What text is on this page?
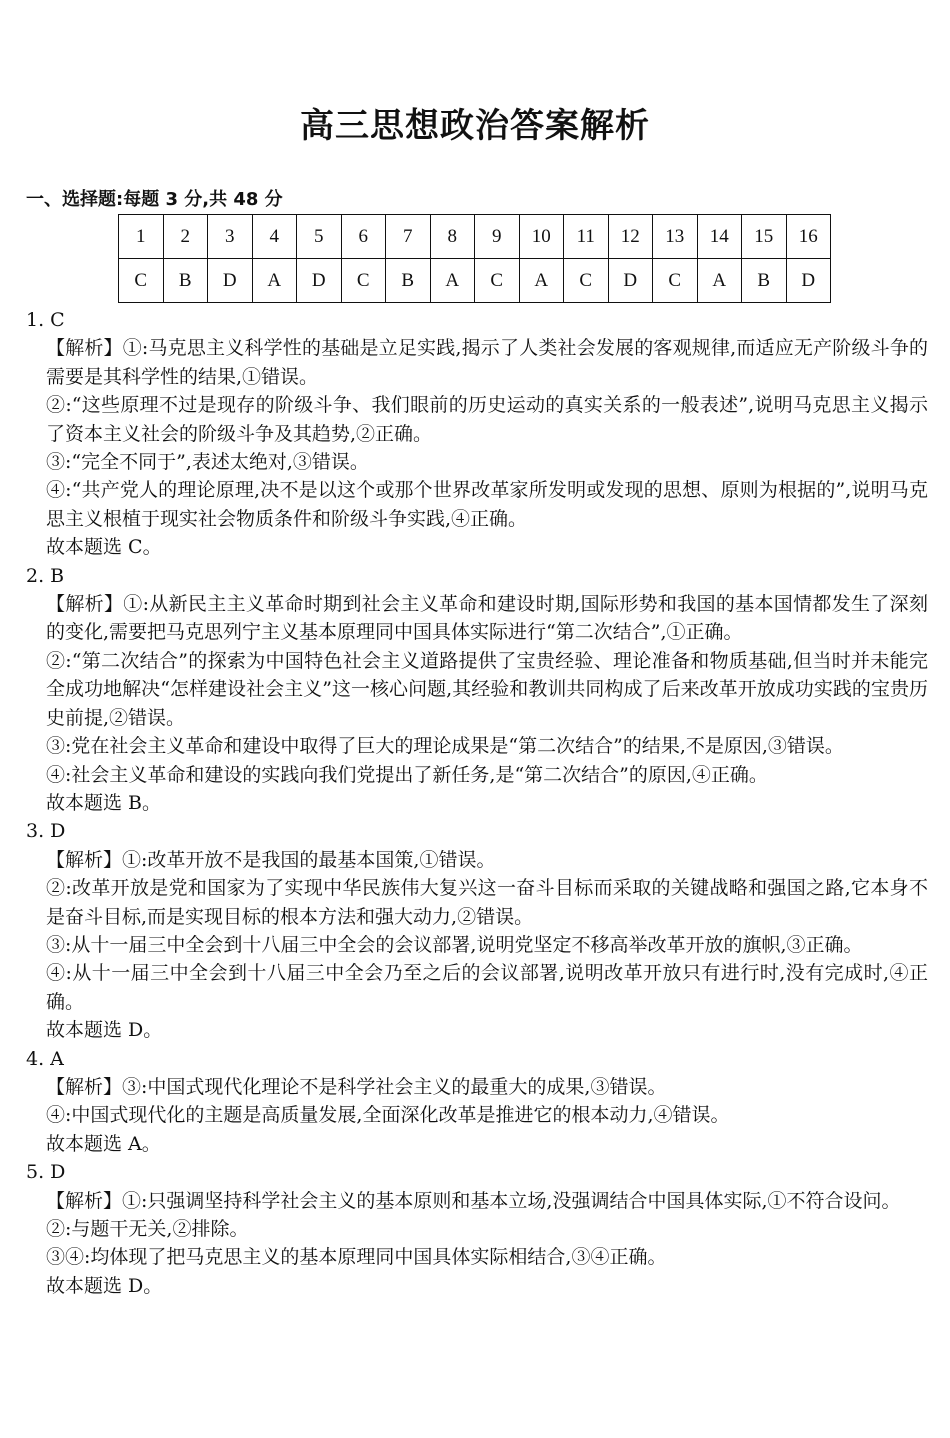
高三思想政治答案解析
一、选择题:每题 3 分,共 48 分
1	2	3	4	5	6	7	8	9	10	11	12	13	14	15	16
C	B	D	A	D	C	B	A	C	A	C	D	C	A	B	D

1. C

【解析】①:马克思主义科学性的基础是立足实践,揭示了人类社会发展的客观规律,而适应无产阶级斗争的需要是其科学性的结果,①错误。

②:“这些原理不过是现存的阶级斗争、我们眼前的历史运动的真实关系的一般表述”,说明马克思主义揭示了资本主义社会的阶级斗争及其趋势,②正确。

③:“完全不同于”,表述太绝对,③错误。

④:“共产党人的理论原理,决不是以这个或那个世界改革家所发明或发现的思想、原则为根据的”,说明马克思主义根植于现实社会物质条件和阶级斗争实践,④正确。

故本题选 C。

2. B

【解析】①:从新民主主义革命时期到社会主义革命和建设时期,国际形势和我国的基本国情都发生了深刻的变化,需要把马克思列宁主义基本原理同中国具体实际进行“第二次结合”,①正确。

②:“第二次结合”的探索为中国特色社会主义道路提供了宝贵经验、理论准备和物质基础,但当时并未能完全成功地解决“怎样建设社会主义”这一核心问题,其经验和教训共同构成了后来改革开放成功实践的宝贵历史前提,②错误。

③:党在社会主义革命和建设中取得了巨大的理论成果是“第二次结合”的结果,不是原因,③错误。

④:社会主义革命和建设的实践向我们党提出了新任务,是“第二次结合”的原因,④正确。

故本题选 B。

3. D

【解析】①:改革开放不是我国的最基本国策,①错误。

②:改革开放是党和国家为了实现中华民族伟大复兴这一奋斗目标而采取的关键战略和强国之路,它本身不是奋斗目标,而是实现目标的根本方法和强大动力,②错误。

③:从十一届三中全会到十八届三中全会的会议部署,说明党坚定不移高举改革开放的旗帜,③正确。

④:从十一届三中全会到十八届三中全会乃至之后的会议部署,说明改革开放只有进行时,没有完成时,④正确。

故本题选 D。

4. A

【解析】③:中国式现代化理论不是科学社会主义的最重大的成果,③错误。

④:中国式现代化的主题是高质量发展,全面深化改革是推进它的根本动力,④错误。

故本题选 A。

5. D

【解析】①:只强调坚持科学社会主义的基本原则和基本立场,没强调结合中国具体实际,①不符合设问。

②:与题干无关,②排除。

③④:均体现了把马克思主义的基本原理同中国具体实际相结合,③④正确。

故本题选 D。
